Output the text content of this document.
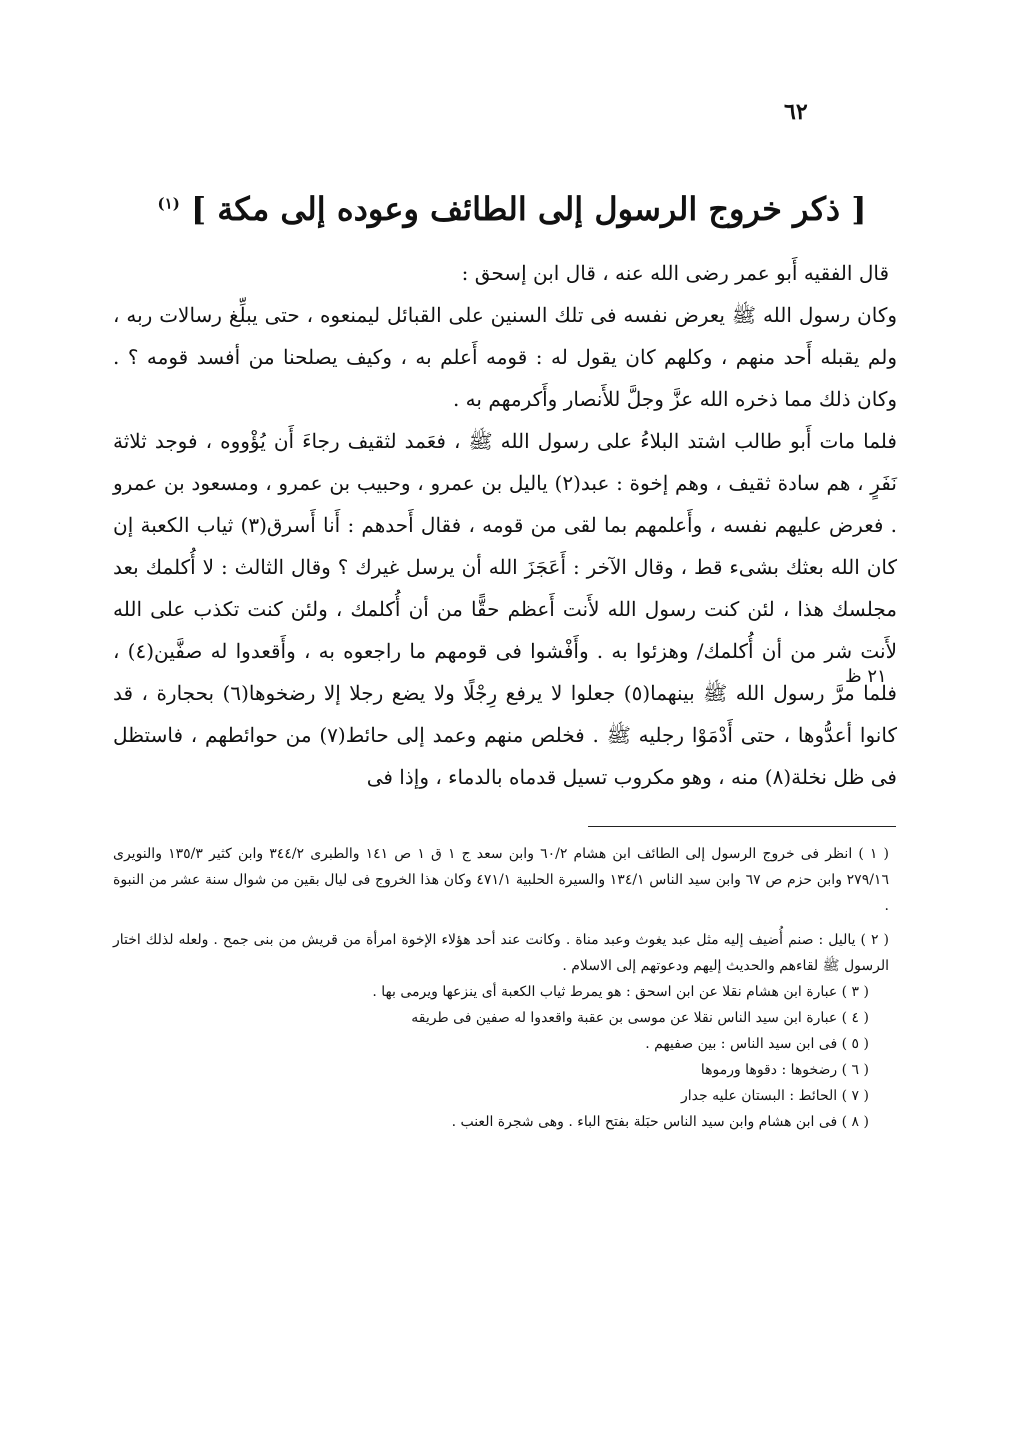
٦٢
[ ذكر خروج الرسول إلى الطائف وعوده إلى مكة ] $^{(١)}$

قال الفقيه أَبو عمر رضى الله عنه ، قال ابن إسحق :

وكان رسول الله ﷺ يعرض نفسه فى تلك السنين على القبائل ليمنعوه ، حتى يبلِّغ رسالات ربه ، ولم يقبله أَحد منهم ، وكلهم كان يقول له : قومه أَعلم به ، وكيف يصلحنا من أفسد قومه ؟ . وكان ذلك مما ذخره الله عزَّ وجلَّ للأَنصار وأَكرمهم به .

فلما مات أَبو طالب اشتد البلاءُ على رسول الله ﷺ ، فعَمد لثقيف رجاءَ أَن يُؤْووه ، فوجد ثلاثة نَفَرٍ ، هم سادة ثقيف ، وهم إخوة : عبد(٢) ياليل بن عمرو ، وحبيب بن عمرو ، ومسعود بن عمرو . فعرض عليهم نفسه ، وأَعلمهم بما لقى من قومه ، فقال أَحدهم : أَنا أَسرق(٣) ثياب الكعبة إن كان الله بعثك بشىء قط ، وقال الآخر : أَعَجَزَ الله أن يرسل غيرك ؟ وقال الثالث : لا أُكلمك بعد مجلسك هذا ، لئن كنت رسول الله لأَنت أَعظم حقًّا من أن أُكلمك ، ولئن كنت تكذب على الله لأَنت شر من أن أُكلمك/ وهزئوا به . وأَفْشوا فى قومهم ما راجعوه به ، وأَقعدوا له صفَّين(٤) ، فلما مرَّ رسول الله ﷺ بينهما(٥) جعلوا لا يرفع رِجْلًا ولا يضع رجلا إلا رضخوها(٦) بحجارة ، قد كانوا أعدُّوها ، حتى أَدْمَوْا رجليه ﷺ . فخلص منهم وعمد إلى حائط(٧) من حوائطهم ، فاستظل فى ظل نخلة(٨) منه ، وهو مكروب تسيل قدماه بالدماء ، وإذا فى

٢١ ظ

( ١ ) انظر فى خروج الرسول إلى الطائف ابن هشام ٦٠/٢ وابن سعد ج ١ ق ١ ص ١٤١ والطبرى ٣٤٤/٢ وابن كثير ١٣٥/٣ والنويرى ٢٧٩/١٦ وابن حزم ص ٦٧ وابن سيد الناس ١٣٤/١ والسيرة الحلبية ٤٧١/١ وكان هذا الخروج فى ليال بقين من شوال سنة عشر من النبوة .

( ٢ ) ياليل : صنم أُضيف إليه مثل عبد يغوث وعبد مناة . وكانت عند أحد هؤلاء الإخوة امرأة من قريش من بنى جمح . ولعله لذلك اختار الرسول ﷺ لقاءهم والحديث إليهم ودعوتهم إلى الاسلام .

( ٣ ) عبارة ابن هشام نقلا عن ابن اسحق : هو يمرط ثياب الكعبة أى ينزعها ويرمى بها .

( ٤ ) عبارة ابن سيد الناس نقلا عن موسى بن عقبة واقعدوا له صفين فى طريقه

( ٥ ) فى ابن سيد الناس : بين صفيهم .

( ٦ ) رضخوها : دقوها ورموها

( ٧ ) الحائط : البستان عليه جدار

( ٨ ) فى ابن هشام وابن سيد الناس حبَلة بفتح الباء . وهى شجرة العنب .
